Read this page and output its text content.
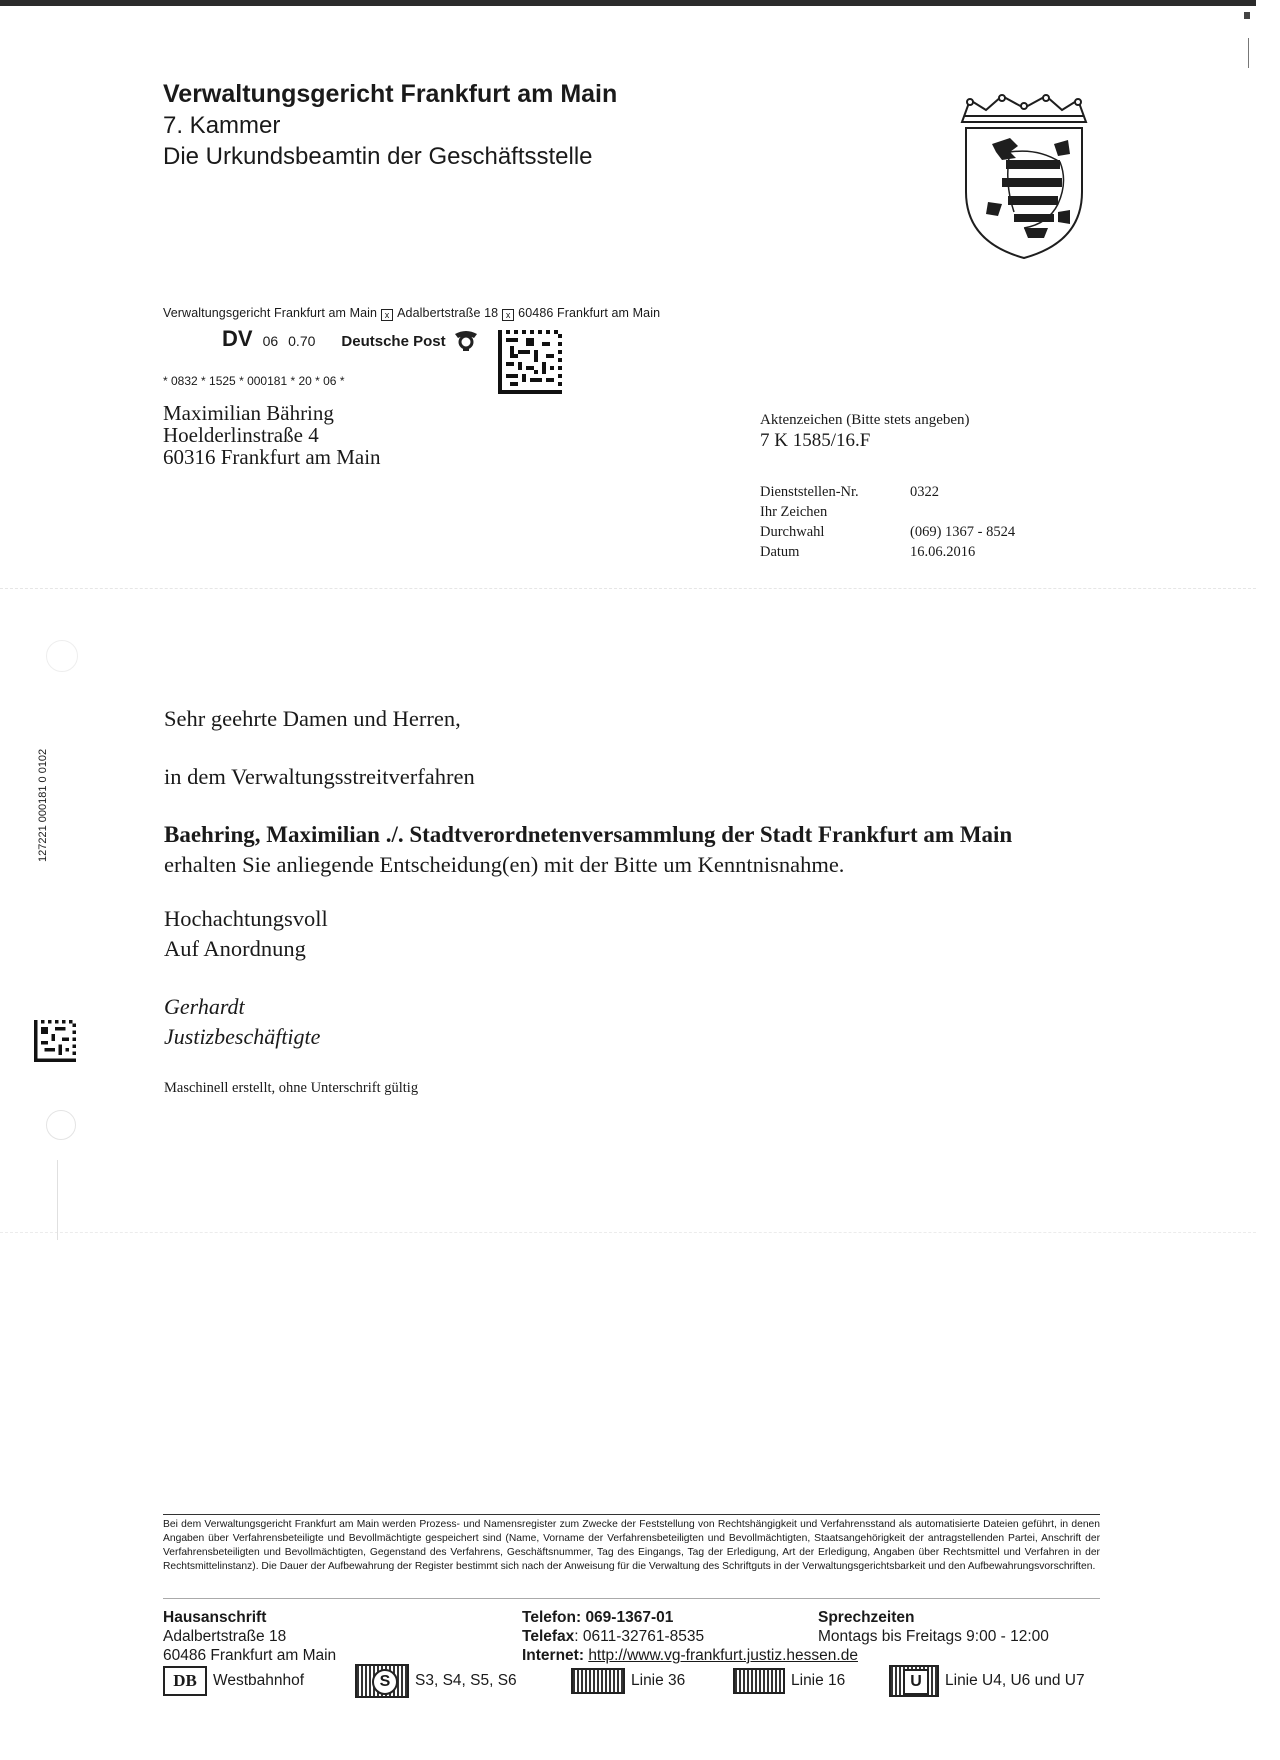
Verwaltungsgericht Frankfurt am Main
7. Kammer
Die Urkundsbeamtin der Geschäftsstelle
Verwaltungsgericht Frankfurt am Main x Adalbertstraße 18 x 60486 Frankfurt am Main
DV 06 0.70 Deutsche Post
* 0832 * 1525 * 000181 * 20 * 06 *
Maximilian Bähring
Hoelderlinstraße 4
60316 Frankfurt am Main
Aktenzeichen (Bitte stets angeben)
7 K 1585/16.F
Dienststellen-Nr.	0322
Ihr Zeichen
Durchwahl	(069) 1367 - 8524
Datum	16.06.2016
127221 000181 0 0102
Sehr geehrte Damen und Herren,
in dem Verwaltungsstreitverfahren
Baehring, Maximilian ./. Stadtverordnetenversammlung der Stadt Frankfurt am Main
erhalten Sie anliegende Entscheidung(en) mit der Bitte um Kenntnisnahme.
Hochachtungsvoll
Auf Anordnung
Gerhardt
Justizbeschäftigte
Maschinell erstellt, ohne Unterschrift gültig
Bei dem Verwaltungsgericht Frankfurt am Main werden Prozess- und Namensregister zum Zwecke der Feststellung von Rechtshängigkeit und Verfahrensstand als automatisierte Dateien geführt, in denen Angaben über Verfahrensbeteiligte und Bevollmächtigte gespeichert sind (Name, Vorname der Verfahrensbeteiligten und Bevollmächtigten, Staatsangehörigkeit der antragstellenden Partei, Anschrift der Verfahrensbeteiligten und Bevollmächtigten, Gegenstand des Verfahrens, Geschäftsnummer, Tag des Eingangs, Tag der Erledigung, Art der Erledigung, Angaben über Rechtsmittel und Verfahren in der Rechtsmittelinstanz). Die Dauer der Aufbewahrung der Register bestimmt sich nach der Anweisung für die Verwaltung des Schriftguts in der Verwaltungsgerichtsbarkeit und den Aufbewahrungsvorschriften.
Hausanschrift
Adalbertstraße 18
60486 Frankfurt am Main
Telefon: 069-1367-01
Telefax: 0611-32761-8535
Internet: http://www.vg-frankfurt.justiz.hessen.de
Sprechzeiten
Montags bis Freitags 9:00 - 12:00
DB	Westbahnhof	S	S3, S4, S5, S6	Linie 36	Linie 16	U	Linie U4, U6 und U7
